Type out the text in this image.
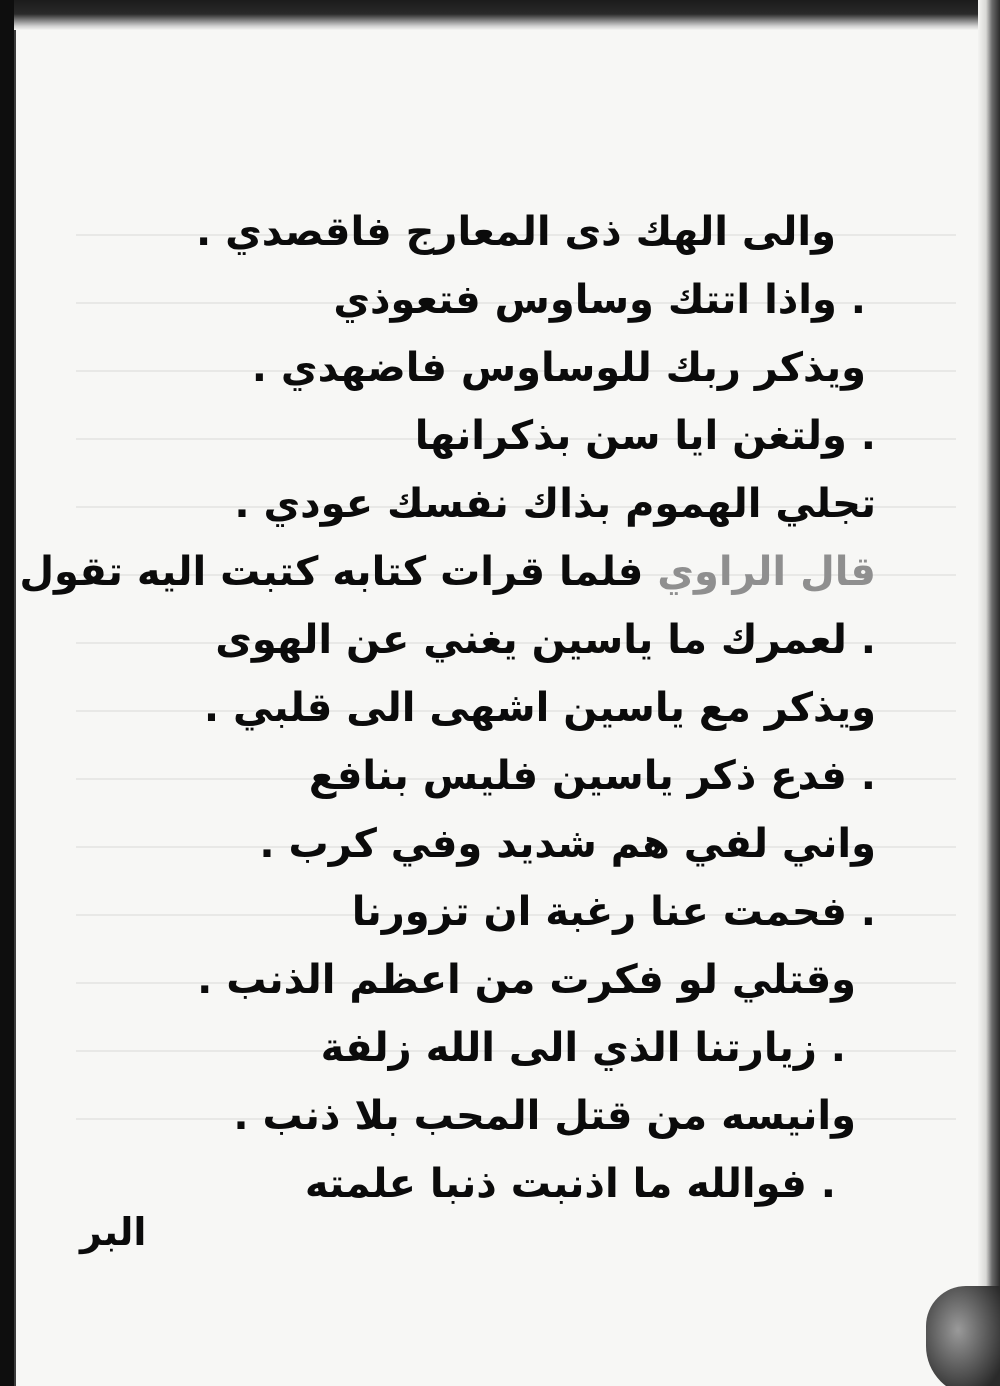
والى الهك ذى المعارج فاقصدي .
. واذا اتتك وساوس فتعوذي
ويذكر ربك للوساوس فاضهدي .
. ولتغن ايا سن بذكرانها
تجلي الهموم بذاك نفسك عودي .
قال الراوي فلما قرات كتابه كتبت اليه تقول
. لعمرك ما ياسين يغني عن الهوى
ويذكر مع ياسين اشهى الى قلبي .
. فدع ذكر ياسين فليس بنافع
واني لفي هم شديد وفي كرب .
. فحمت عنا رغبة ان تزورنا
وقتلي لو فكرت من اعظم الذنب .
. زيارتنا الذي الى الله زلفة
وانيسه من قتل المحب بلا ذنب .
. فوالله ما اذنبت ذنبا علمته
البر
